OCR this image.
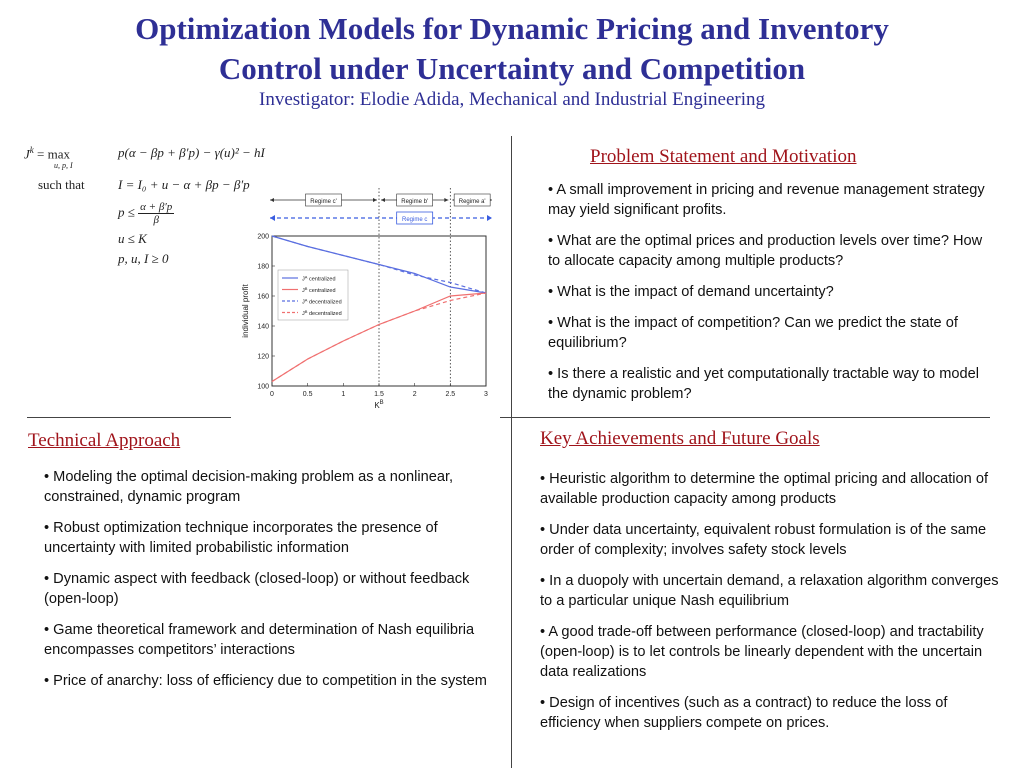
Optimization Models for Dynamic Pricing and Inventory
Control under Uncertainty and Competition
Investigator: Elodie Adida, Mechanical and Industrial Engineering
$J^k = \max$
u, p, I
p(α − βp + β′p) − γ(u)² − hI
such that	I = I₀ + u − α + βp − β′p
$p \le \frac{\alpha + \beta'p}{\beta}$
u ≤ K
p, u, I ≥ 0
Regime c'	Regime b'	Regime a'
Regime c
0	0.5	1	1.5	2	2.5	3
100
120
140
160
180
200
$J^A$ centralized
$J^B$ centralized
$J^A$ decentralized
$J^B$ decentralized
individual profit
$K^B$
Problem Statement and Motivation
• A small improvement in pricing and revenue management strategy may yield significant profits.
• What are the optimal prices and production levels over time? How to allocate capacity among multiple products?
• What is the impact of demand uncertainty?
• What is the impact of competition? Can we predict the state of equilibrium?
• Is there a realistic and yet computationally tractable way to model the dynamic problem?
Technical Approach
• Modeling the optimal decision-making problem as a nonlinear, constrained, dynamic program
• Robust optimization technique incorporates the presence of uncertainty with limited probabilistic information
• Dynamic aspect with feedback (closed-loop) or without feedback (open-loop)
• Game theoretical framework and determination of Nash equilibria encompasses competitors’ interactions
• Price of anarchy: loss of efficiency due to competition in the system
Key Achievements and Future Goals
• Heuristic algorithm to determine the optimal pricing and allocation of available production capacity among products
• Under data uncertainty, equivalent robust formulation is of the same order of complexity; involves safety stock levels
• In a duopoly with uncertain demand, a relaxation algorithm converges to a particular unique Nash equilibrium
• A good trade-off between performance (closed-loop) and tractability (open-loop) is to let controls be linearly dependent with the uncertain data realizations
• Design of incentives (such as a contract) to reduce the loss of efficiency when suppliers compete on prices.
